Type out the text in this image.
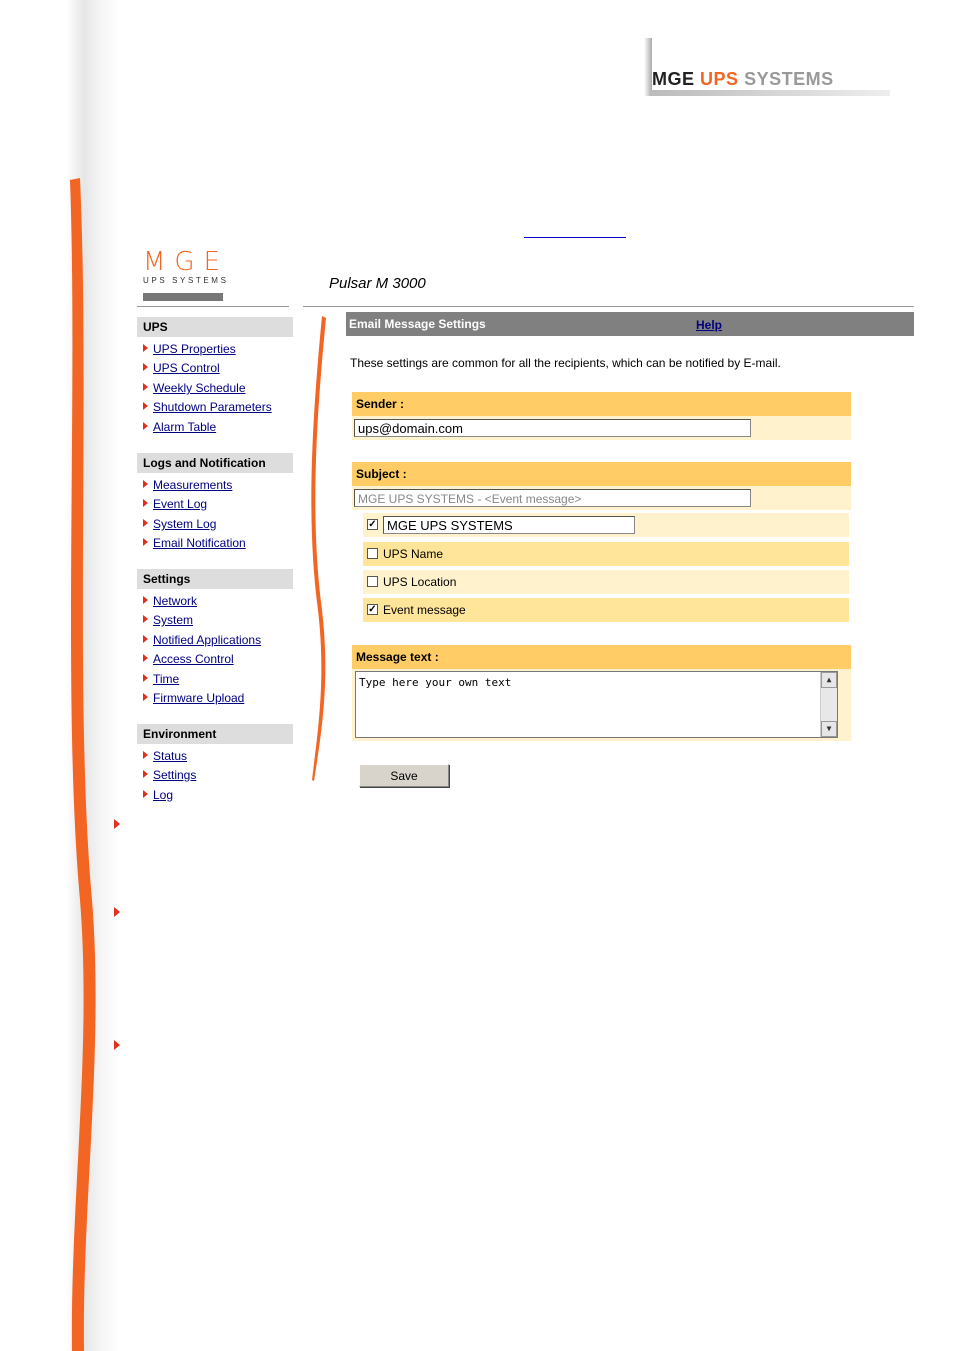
MGE UPS SYSTEMS
MGE
UPS SYSTEMS	Pulsar M 3000
UPS
UPS Properties
UPS Control
Weekly Schedule
Shutdown Parameters
Alarm Table
Logs and Notification
Measurements
Event Log
System Log
Email Notification
Settings
Network
System
Notified Applications
Access Control
Time
Firmware Upload
Environment
Status
Settings
Log
Email Message Settings	Help
These settings are common for all the recipients, which can be notified by E-mail.
Sender :
ups@domain.com
Subject :
MGE UPS SYSTEMS - <Event message>
✓ MGE UPS SYSTEMS
UPS Name
UPS Location
✓ Event message
Message text :
Type here your own text	▲
▼
Save
